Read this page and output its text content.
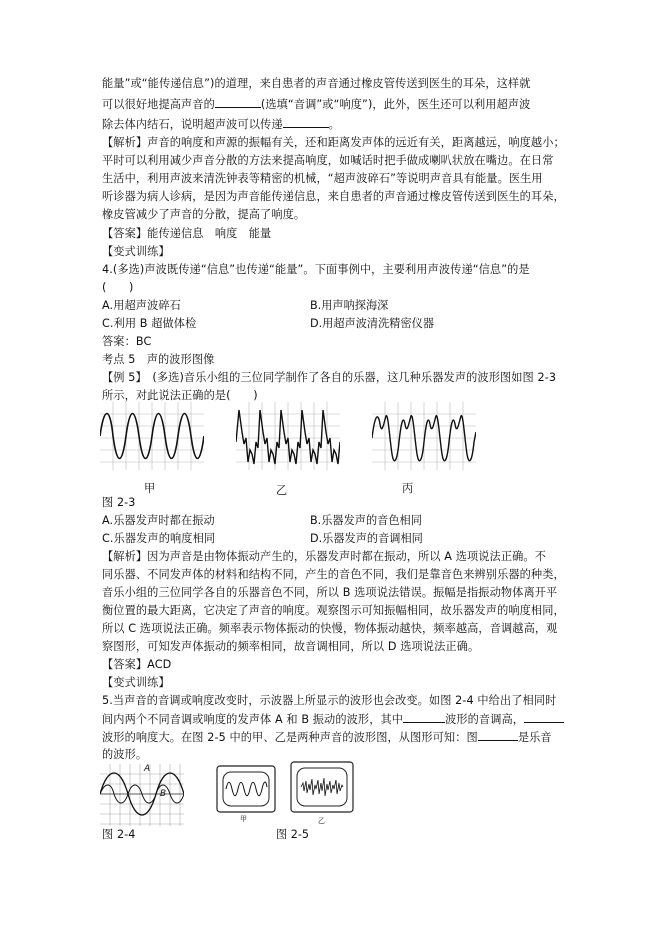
能量”或“能传递信息”)的道理，来自患者的声音通过橡皮管传送到医生的耳朵，这样就
可以很好地提高声音的	(选填“音调”或“响度”)，此外，医生还可以利用超声波
除去体内结石，说明超声波可以传递	。
【解析】声音的响度和声源的振幅有关，还和距离发声体的远近有关，距离越远，响度越小；
平时可以利用减少声音分散的方法来提高响度，如喊话时把手做成喇叭状放在嘴边。在日常
生活中，利用声波来清洗钟表等精密的机械，“超声波碎石”等说明声音具有能量。医生用
听诊器为病人诊病，是因为声音能传递信息，来自患者的声音通过橡皮管传送到医生的耳朵，
橡皮管减少了声音的分散，提高了响度。
【答案】能传递信息　响度　能量
【变式训练】
4.(多选)声波既传递“信息”也传递“能量”。下面事例中，主要利用声波传递“信息”的是
(　　)
A.用超声波碎石	B.用声呐探海深
C.利用 B 超做体检	D.用超声波清洗精密仪器
答案：BC
考点 5　声的波形图像
【例 5】　(多选)音乐小组的三位同学制作了各自的乐器，这几种乐器发声的波形图如图 2-3
所示，对此说法正确的是(　　)
甲	乙	丙
图 2-3
A.乐器发声时都在振动	B.乐器发声的音色相同
C.乐器发声的响度相同	D.乐器发声的音调相同
【解析】因为声音是由物体振动产生的，乐器发声时都在振动，所以 A 选项说法正确。不
同乐器、不同发声体的材料和结构不同，产生的音色不同，我们是靠音色来辨别乐器的种类，
音乐小组的三位同学各自的乐器音色不同，所以 B 选项说法错误。振幅是指振动物体离开平
衡位置的最大距离，它决定了声音的响度。观察图示可知振幅相同，故乐器发声的响度相同，
所以 C 选项说法正确。频率表示物体振动的快慢，物体振动越快，频率越高，音调越高，观
察图形，可知发声体振动的频率相同，故音调相同，所以 D 选项说法正确。
【答案】ACD
【变式训练】
5.当声音的音调或响度改变时，示波器上所显示的波形也会改变。如图 2-4 中给出了相同时
间内两个不同音调或响度的发声体 A 和 B 振动的波形，其中	波形的音调高，
波形的响度大。在图 2-5 中的甲、乙是两种声音的波形图，从图形可知：图	是乐音
的波形。
A
B
甲	乙
图 2-4	图 2-5
